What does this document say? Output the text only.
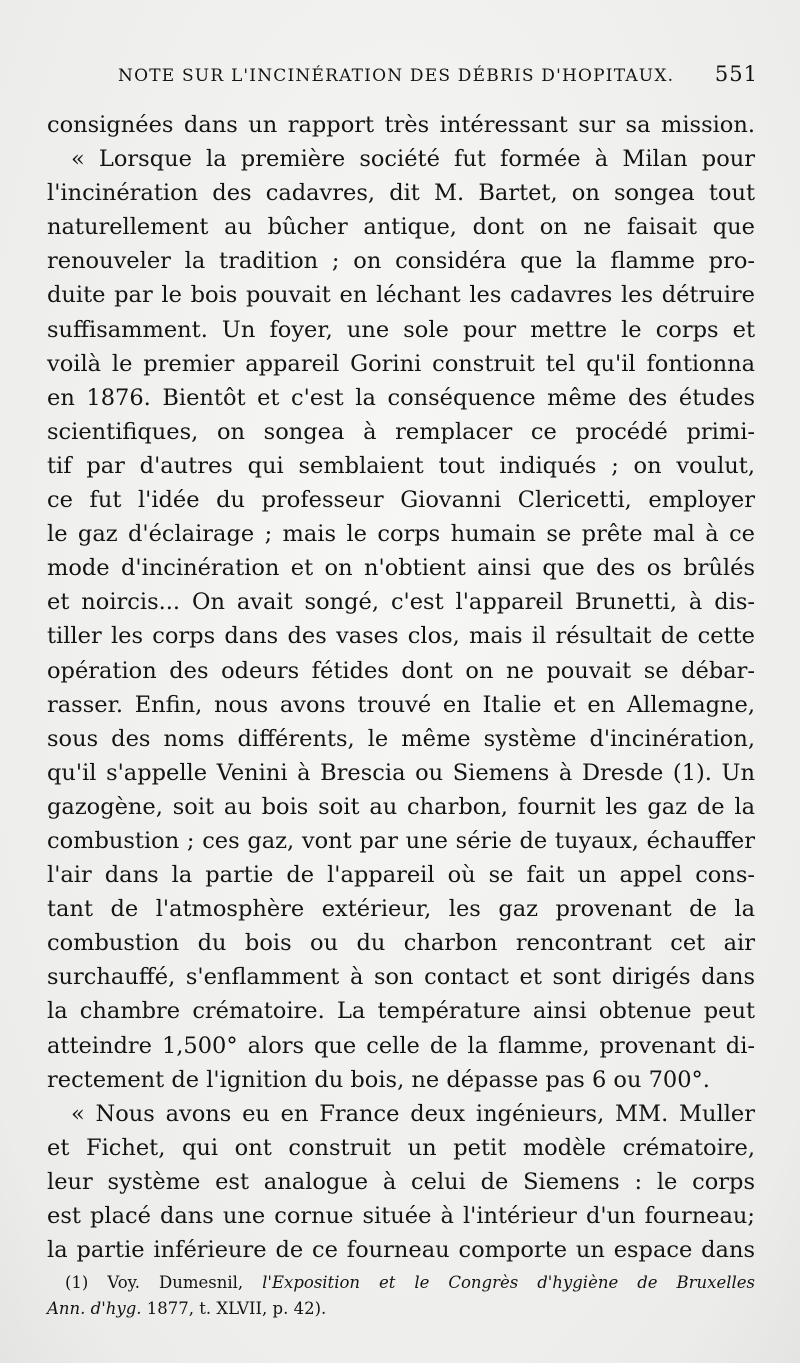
NOTE SUR L'INCINÉRATION DES DÉBRIS D'HOPITAUX. 551
consignées dans un rapport très intéressant sur sa mission.
« Lorsque la première société fut formée à Milan pour
l'incinération des cadavres, dit M. Bartet, on songea tout
naturellement au bûcher antique, dont on ne faisait que
renouveler la tradition ; on considéra que la flamme pro-
duite par le bois pouvait en léchant les cadavres les détruire
suffisamment. Un foyer, une sole pour mettre le corps et
voilà le premier appareil Gorini construit tel qu'il fontionna
en 1876. Bientôt et c'est la conséquence même des études
scientifiques, on songea à remplacer ce procédé primi-
tif par d'autres qui semblaient tout indiqués ; on voulut,
ce fut l'idée du professeur Giovanni Clericetti, employer
le gaz d'éclairage ; mais le corps humain se prête mal à ce
mode d'incinération et on n'obtient ainsi que des os brûlés
et noircis... On avait songé, c'est l'appareil Brunetti, à dis-
tiller les corps dans des vases clos, mais il résultait de cette
opération des odeurs fétides dont on ne pouvait se débar-
rasser. Enfin, nous avons trouvé en Italie et en Allemagne,
sous des noms différents, le même système d'incinération,
qu'il s'appelle Venini à Brescia ou Siemens à Dresde (1). Un
gazogène, soit au bois soit au charbon, fournit les gaz de la
combustion ; ces gaz, vont par une série de tuyaux, échauffer
l'air dans la partie de l'appareil où se fait un appel cons-
tant de l'atmosphère extérieur, les gaz provenant de la
combustion du bois ou du charbon rencontrant cet air
surchauffé, s'enflamment à son contact et sont dirigés dans
la chambre crématoire. La température ainsi obtenue peut
atteindre 1,500° alors que celle de la flamme, provenant di-
rectement de l'ignition du bois, ne dépasse pas 6 ou 700°.
« Nous avons eu en France deux ingénieurs, MM. Muller
et Fichet, qui ont construit un petit modèle crématoire,
leur système est analogue à celui de Siemens : le corps
est placé dans une cornue située à l'intérieur d'un fourneau;
la partie inférieure de ce fourneau comporte un espace dans
(1) Voy. Dumesnil, l'Exposition et le Congrès d'hygiène de Bruxelles
Ann. d'hyg. 1877, t. XLVII, p. 42).
